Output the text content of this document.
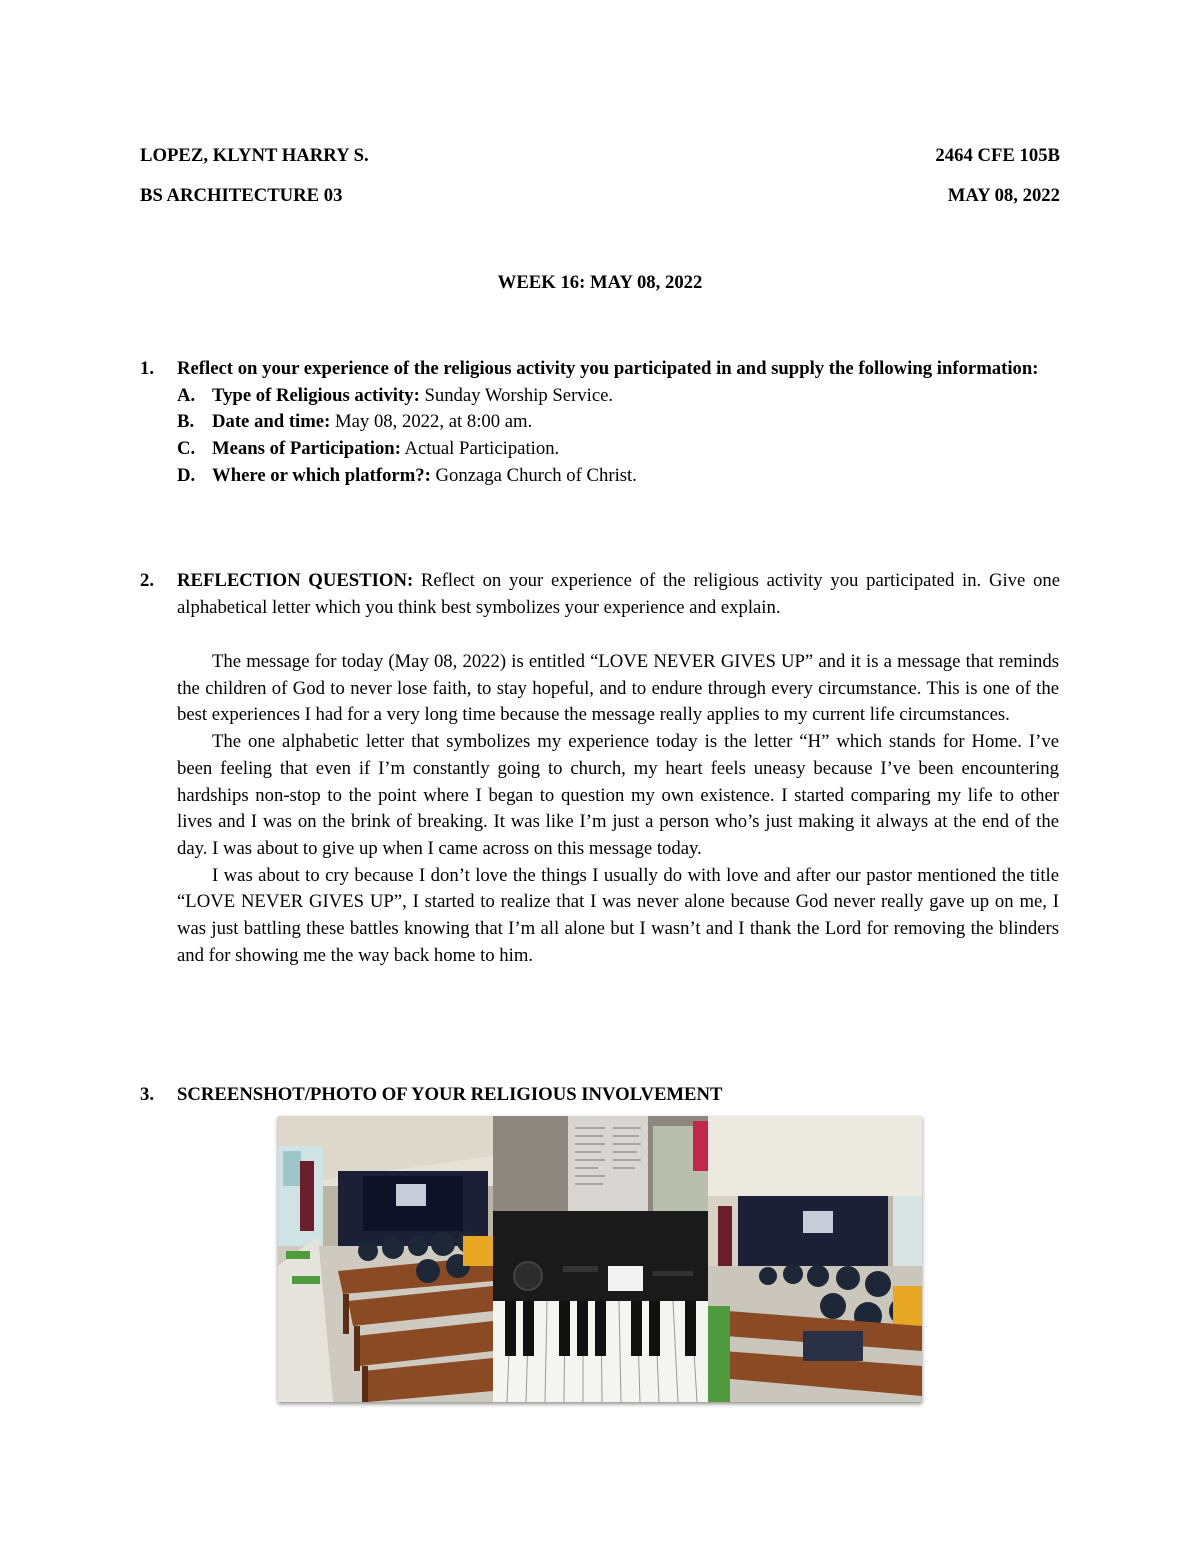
LOPEZ, KLYNT HARRY S.	2464 CFE 105B
BS ARCHITECTURE 03	MAY 08, 2022
WEEK 16: MAY 08, 2022
1.	Reflect on your experience of the religious activity you participated in and supply the following information:
A. Type of Religious activity: Sunday Worship Service.
B. Date and time: May 08, 2022, at 8:00 am.
C. Means of Participation: Actual Participation.
D. Where or which platform?: Gonzaga Church of Christ.
2.	REFLECTION QUESTION: Reflect on your experience of the religious activity you participated in. Give one alphabetical letter which you think best symbolizes your experience and explain.

The message for today (May 08, 2022) is entitled “LOVE NEVER GIVES UP” and it is a message that reminds the children of God to never lose faith, to stay hopeful, and to endure through every circumstance. This is one of the best experiences I had for a very long time because the message really applies to my current life circumstances.

The one alphabetic letter that symbolizes my experience today is the letter “H” which stands for Home. I’ve been feeling that even if I’m constantly going to church, my heart feels uneasy because I’ve been encountering hardships non-stop to the point where I began to question my own existence. I started comparing my life to other lives and I was on the brink of breaking. It was like I’m just a person who’s just making it always at the end of the day. I was about to give up when I came across on this message today.

I was about to cry because I don’t love the things I usually do with love and after our pastor mentioned the title “LOVE NEVER GIVES UP”, I started to realize that I was never alone because God never really gave up on me, I was just battling these battles knowing that I’m all alone but I wasn’t and I thank the Lord for removing the blinders and for showing me the way back home to him.

3.	SCREENSHOT/PHOTO OF YOUR RELIGIOUS INVOLVEMENT
